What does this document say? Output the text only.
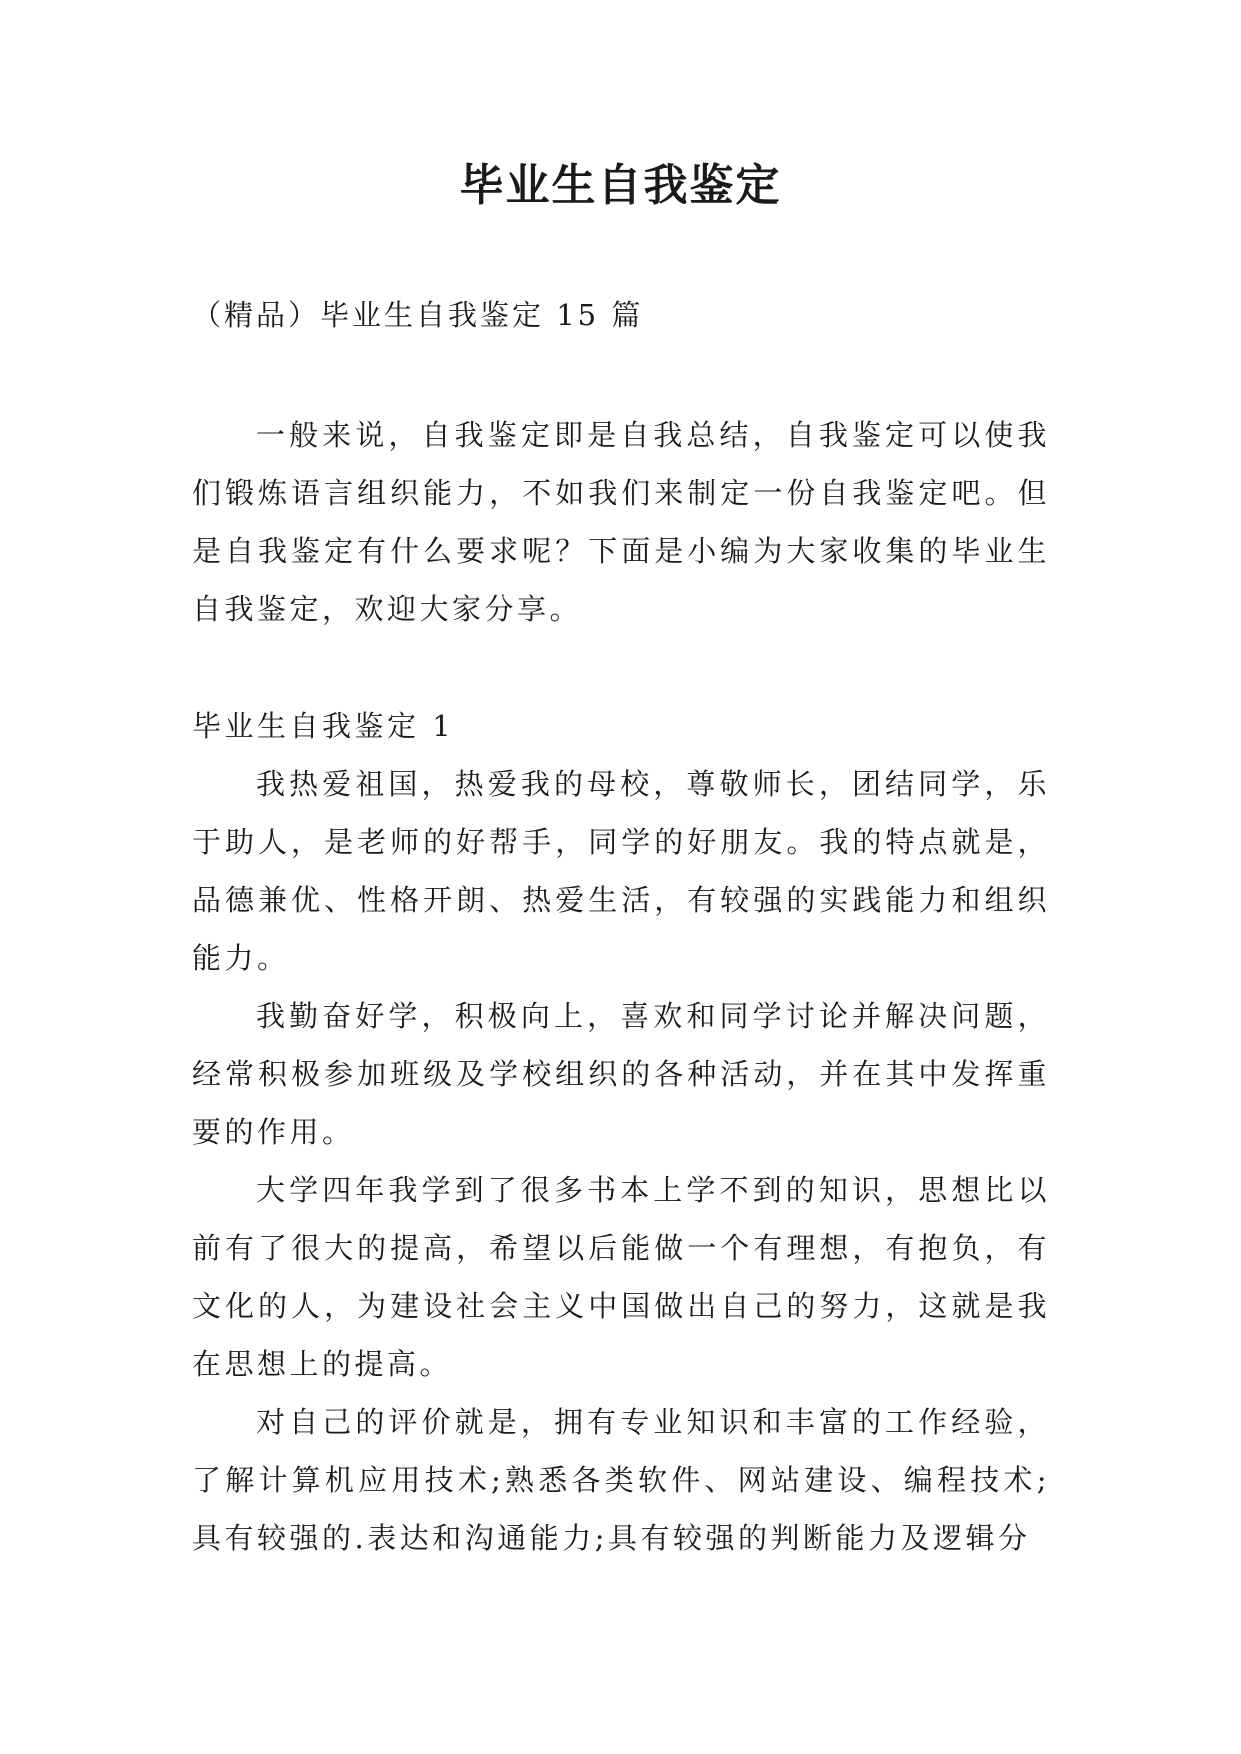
毕业生自我鉴定
（精品）毕业生自我鉴定 15 篇

一般来说，自我鉴定即是自我总结，自我鉴定可以使我们锻炼语言组织能力，不如我们来制定一份自我鉴定吧。但是自我鉴定有什么要求呢？下面是小编为大家收集的毕业生自我鉴定，欢迎大家分享。

毕业生自我鉴定 1

我热爱祖国，热爱我的母校，尊敬师长，团结同学，乐于助人，是老师的好帮手，同学的好朋友。我的特点就是，品德兼优、性格开朗、热爱生活，有较强的实践能力和组织能力。

我勤奋好学，积极向上，喜欢和同学讨论并解决问题，经常积极参加班级及学校组织的各种活动，并在其中发挥重要的作用。

大学四年我学到了很多书本上学不到的知识，思想比以前有了很大的提高，希望以后能做一个有理想，有抱负，有文化的人，为建设社会主义中国做出自己的努力，这就是我在思想上的提高。

对自己的评价就是，拥有专业知识和丰富的工作经验，了解计算机应用技术;熟悉各类软件、网站建设、编程技术;具有较强的.表达和沟通能力;具有较强的判断能力及逻辑分
